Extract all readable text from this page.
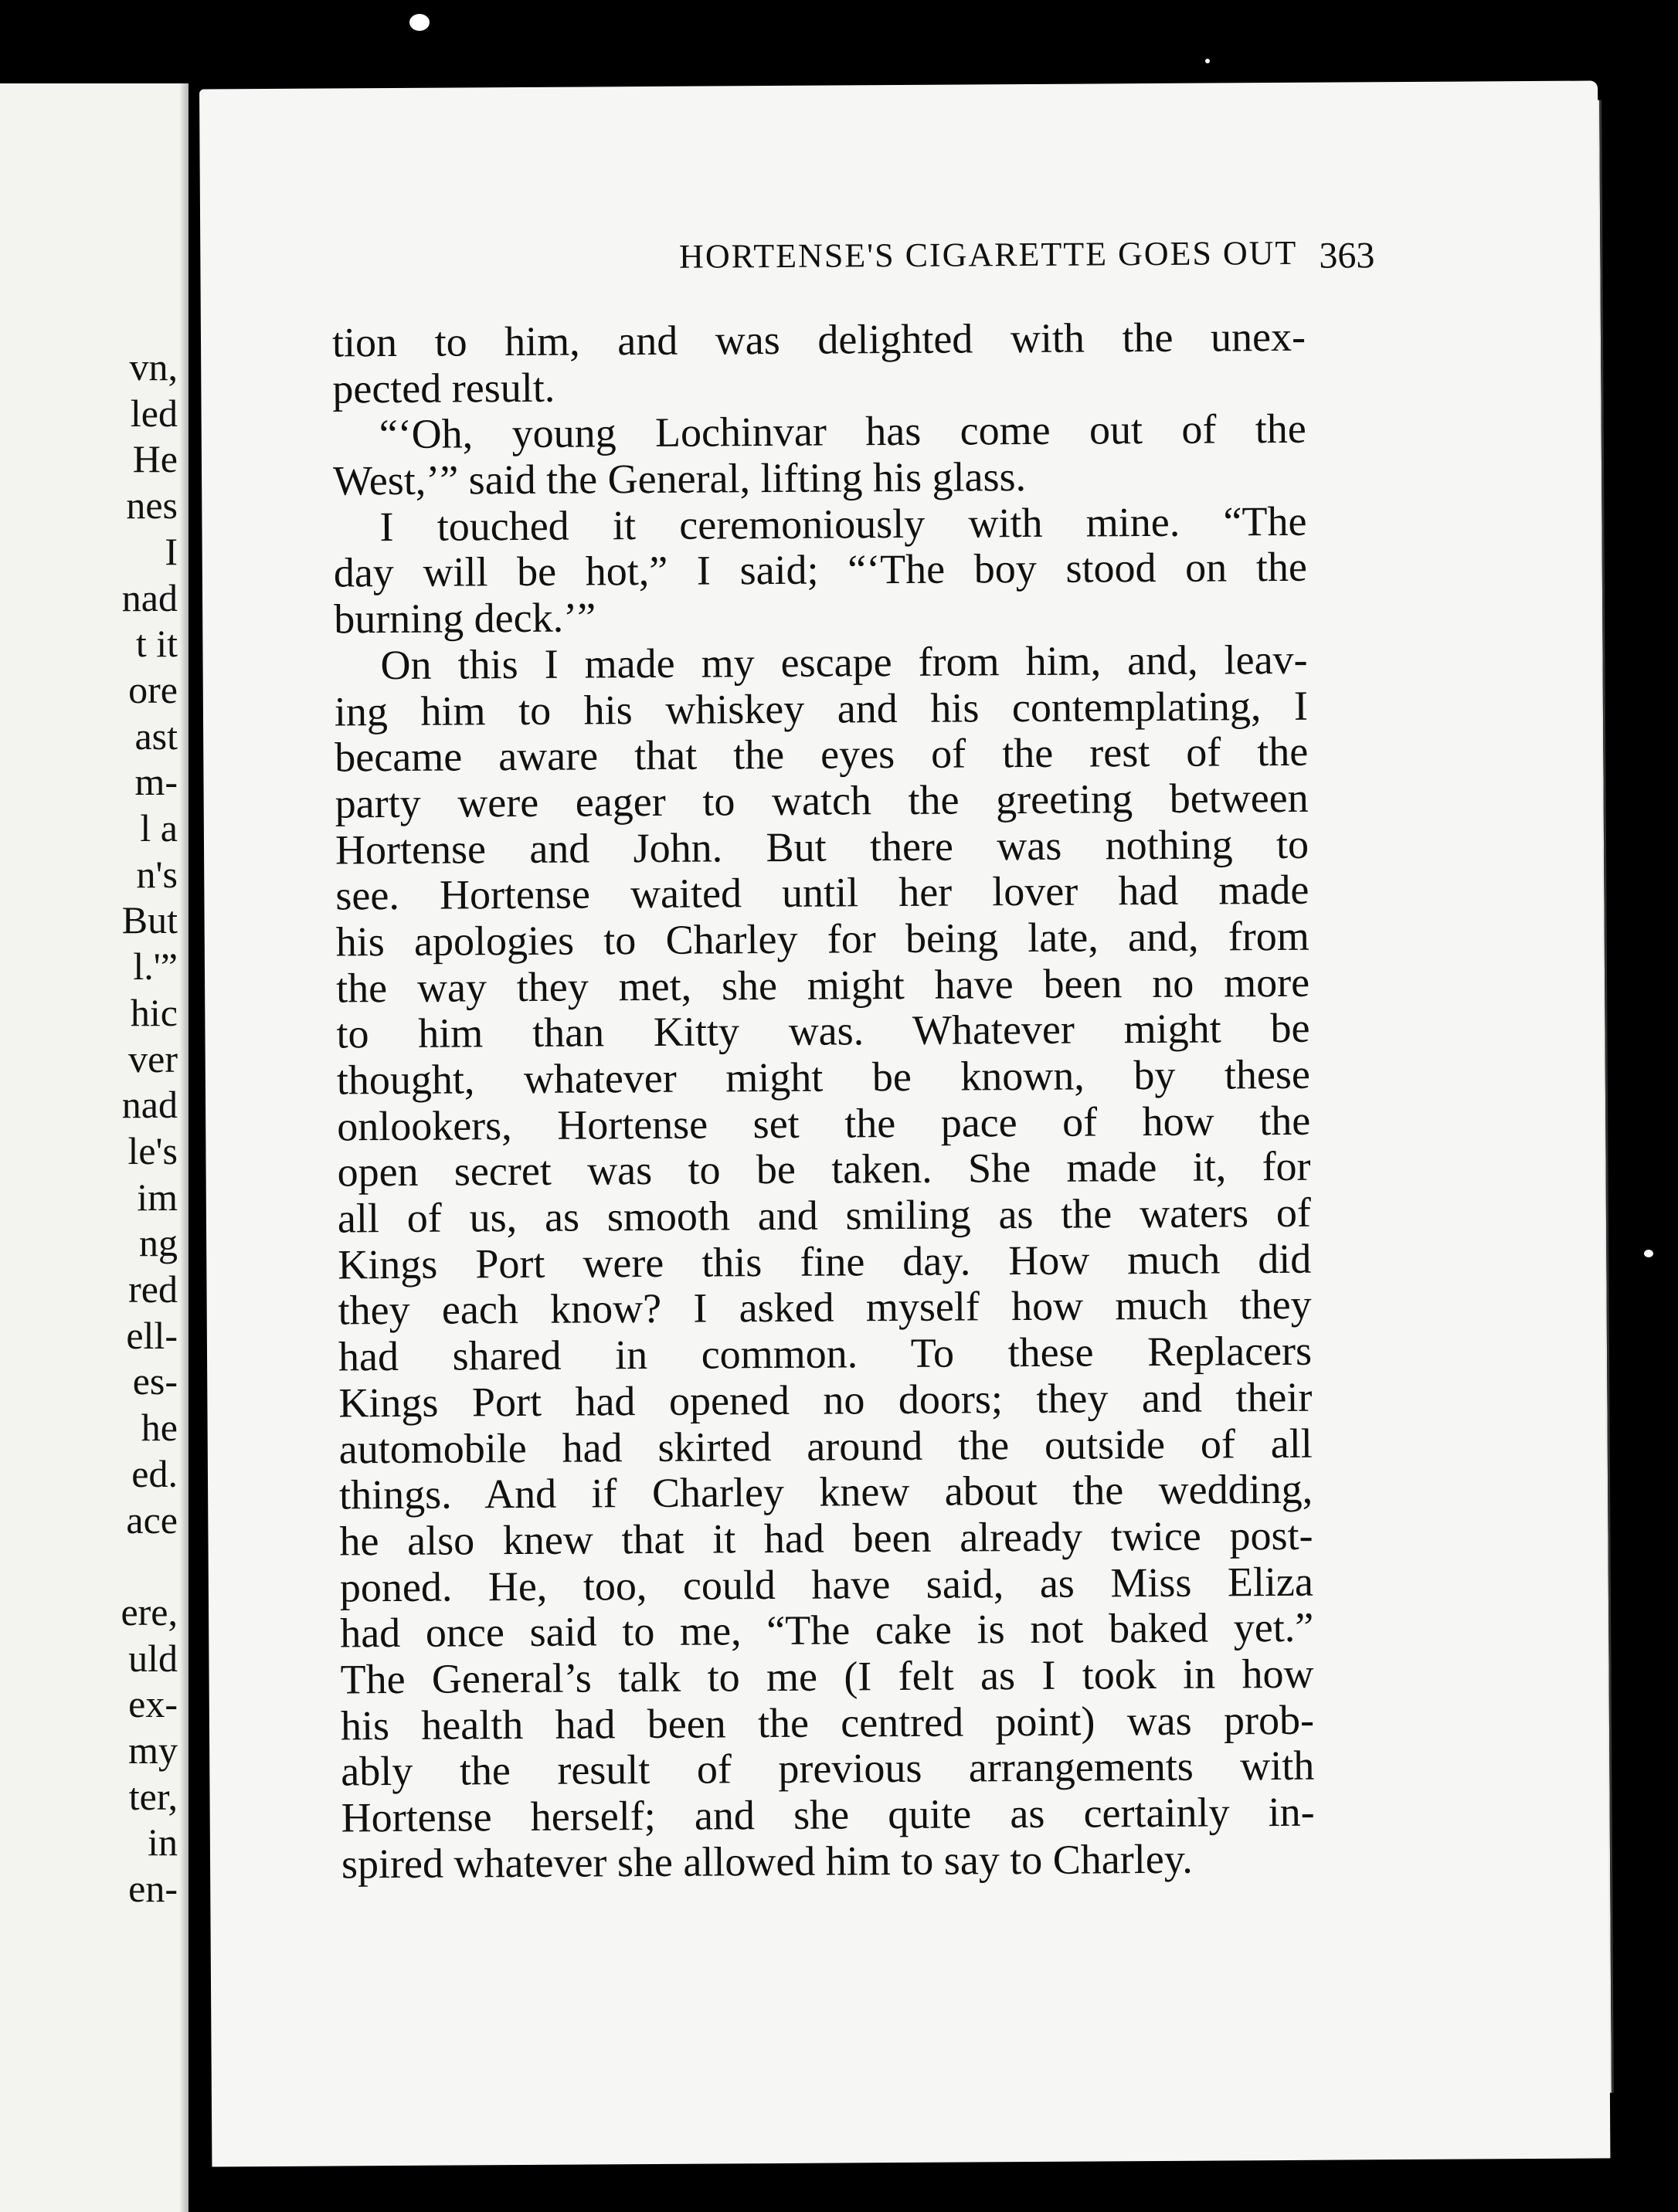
vn,
led
He
nes
I
nad
t it
ore
ast
m-
l a
n's
But
l.'”
hic
ver
nad
le's
im
ng
red
ell-
es-
he
ed.
ace
ere,
uld
ex-
my
ter,
in
en-
HORTENSE'S CIGARETTE GOES OUT 363
tion to him, and was delighted with the unex-
pected result.
“‘Oh, young Lochinvar has come out of the
West,’” said the General, lifting his glass.
I touched it ceremoniously with mine. “The
day will be hot,” I said; “‘The boy stood on the
burning deck.’”
On this I made my escape from him, and, leav-
ing him to his whiskey and his contemplating, I
became aware that the eyes of the rest of the
party were eager to watch the greeting between
Hortense and John. But there was nothing to
see. Hortense waited until her lover had made
his apologies to Charley for being late, and, from
the way they met, she might have been no more
to him than Kitty was. Whatever might be
thought, whatever might be known, by these
onlookers, Hortense set the pace of how the
open secret was to be taken. She made it, for
all of us, as smooth and smiling as the waters of
Kings Port were this fine day. How much did
they each know? I asked myself how much they
had shared in common. To these Replacers
Kings Port had opened no doors; they and their
automobile had skirted around the outside of all
things. And if Charley knew about the wedding,
he also knew that it had been already twice post-
poned. He, too, could have said, as Miss Eliza
had once said to me, “The cake is not baked yet.”
The General’s talk to me (I felt as I took in how
his health had been the centred point) was prob-
ably the result of previous arrangements with
Hortense herself; and she quite as certainly in-
spired whatever she allowed him to say to Charley.
